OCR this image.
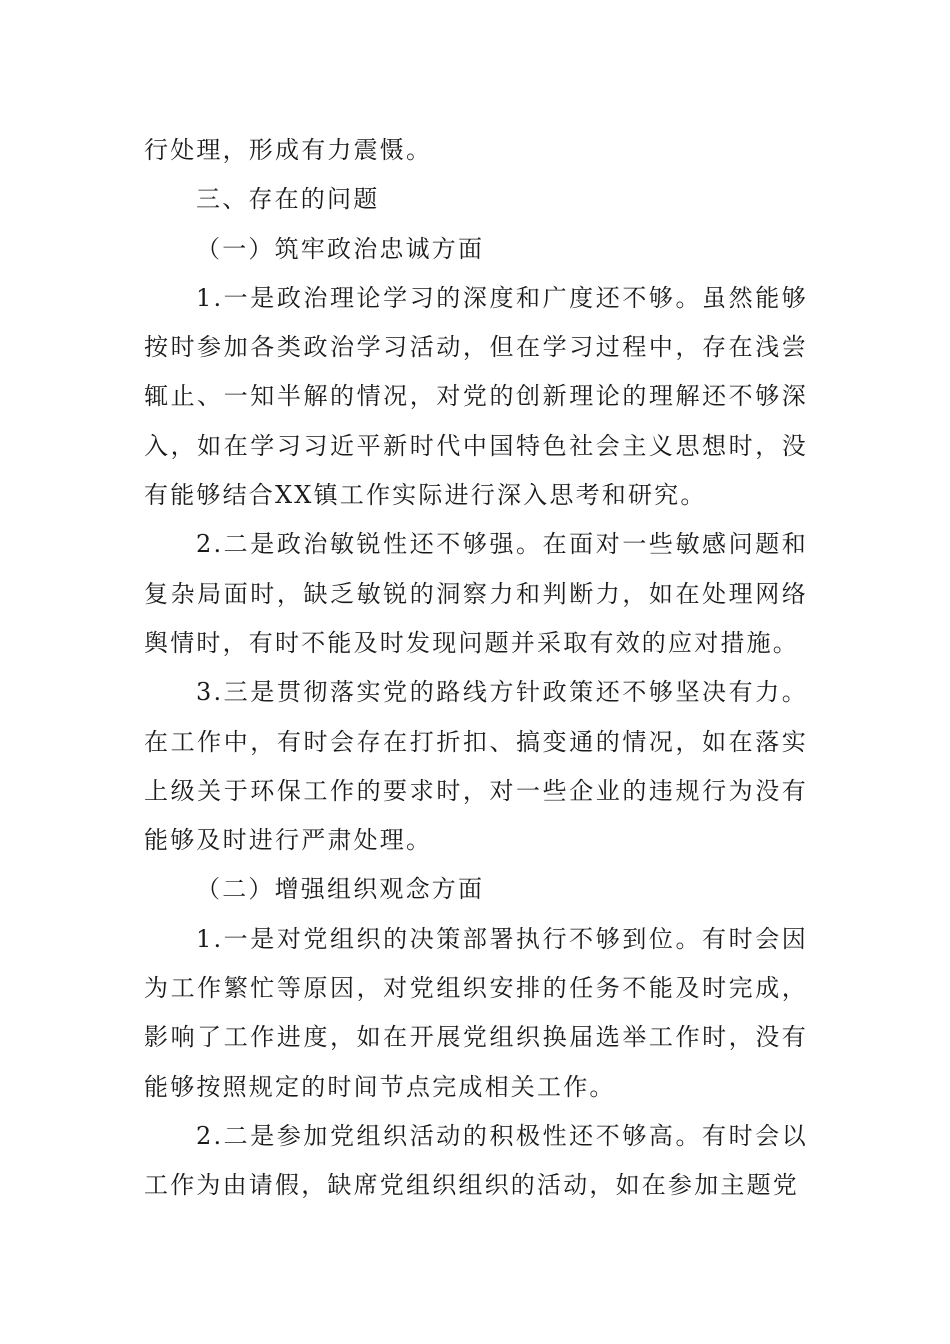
行处理，形成有力震慑。

三、存在的问题

（一）筑牢政治忠诚方面

1.一是政治理论学习的深度和广度还不够。虽然能够按时参加各类政治学习活动，但在学习过程中，存在浅尝辄止、一知半解的情况，对党的创新理论的理解还不够深入，如在学习习近平新时代中国特色社会主义思想时，没有能够结合XX镇工作实际进行深入思考和研究。

2.二是政治敏锐性还不够强。在面对一些敏感问题和复杂局面时，缺乏敏锐的洞察力和判断力，如在处理网络舆情时，有时不能及时发现问题并采取有效的应对措施。

3.三是贯彻落实党的路线方针政策还不够坚决有力。在工作中，有时会存在打折扣、搞变通的情况，如在落实上级关于环保工作的要求时，对一些企业的违规行为没有能够及时进行严肃处理。

（二）增强组织观念方面

1.一是对党组织的决策部署执行不够到位。有时会因为工作繁忙等原因，对党组织安排的任务不能及时完成，影响了工作进度，如在开展党组织换届选举工作时，没有能够按照规定的时间节点完成相关工作。

2.二是参加党组织活动的积极性还不够高。有时会以工作为由请假，缺席党组织组织的活动，如在参加主题党
